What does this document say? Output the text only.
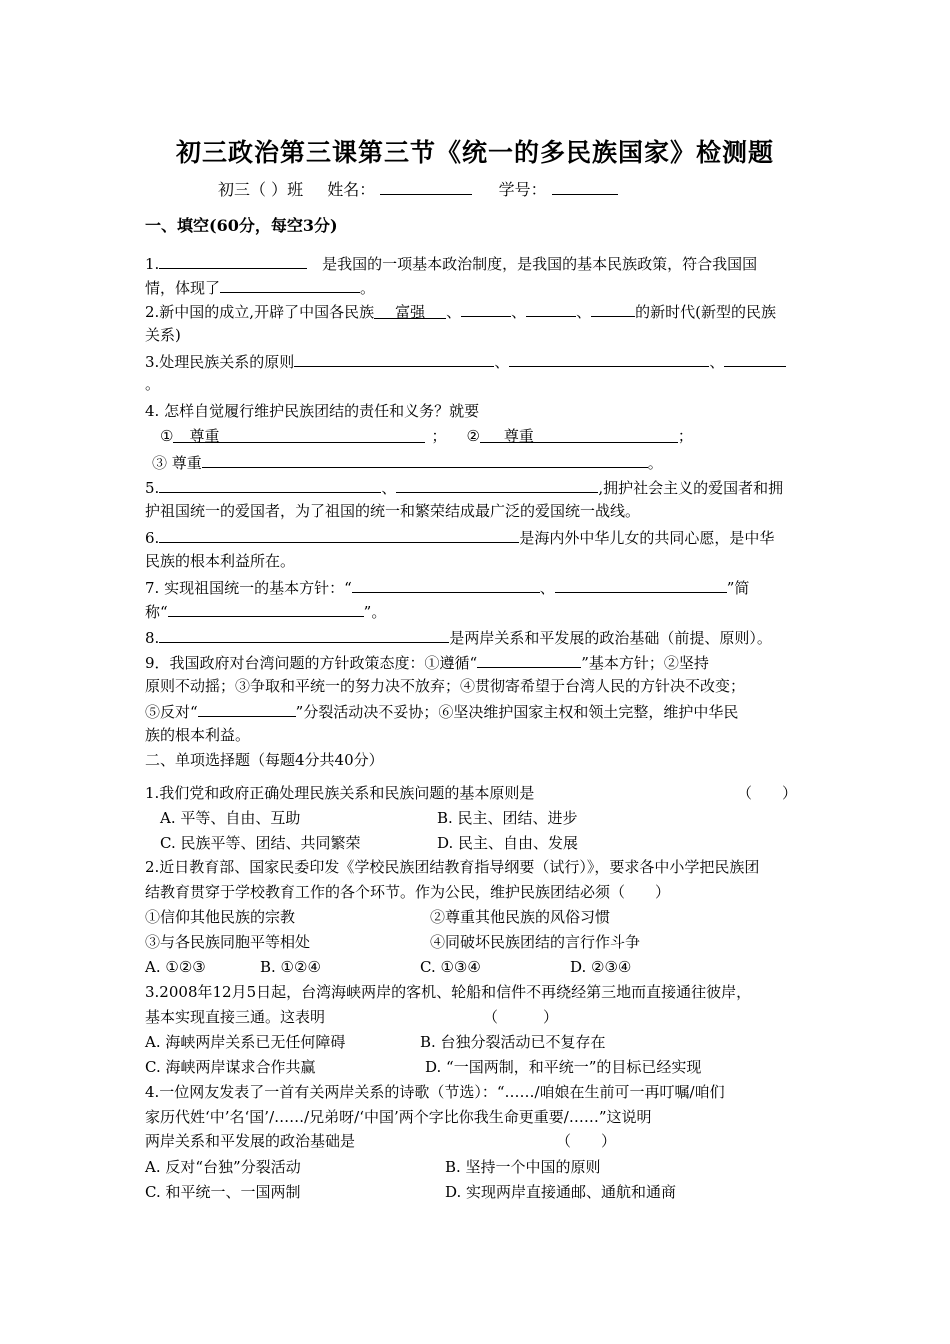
初三政治第三课第三节《统一的多民族国家》检测题
初三（ ）班 姓名：	学号：
一、填空(60分，每空3分)
1.	是我国的一项基本政治制度，是我国的基本民族政策，符合我国国
情，体现了	。
2.新中国的成立,开辟了中国各民族 富强 、	、	、	的新时代(新型的民族
关系)
3.处理民族关系的原则	、	、
。
4. 怎样自觉履行维护民族团结的责任和义务？就要
① 尊重	； ② 尊重	；
③ 尊重	。
5.	、	,拥护社会主义的爱国者和拥
护祖国统一的爱国者，为了祖国的统一和繁荣结成最广泛的爱国统一战线。
6.	是海内外中华儿女的共同心愿，是中华
民族的根本利益所在。
7. 实现祖国统一的基本方针：“	、	”简
称“	”。
8.	是两岸关系和平发展的政治基础（前提、原则）。
9．我国政府对台湾问题的方针政策态度：①遵循“	”基本方针；②坚持
原则不动摇；③争取和平统一的努力决不放弃；④贯彻寄希望于台湾人民的方针决不改变；
⑤反对“	”分裂活动决不妥协；⑥坚决维护国家主权和领土完整，维护中华民
族的根本利益。
二、单项选择题（每题4分共40分）
1.我们党和政府正确处理民族关系和民族问题的基本原则是	（　　）
A. 平等、自由、互助	B. 民主、团结、进步
C. 民族平等、团结、共同繁荣	D. 民主、自由、发展
2.近日教育部、国家民委印发《学校民族团结教育指导纲要（试行）》，要求各中小学把民族团
结教育贯穿于学校教育工作的各个环节。作为公民，维护民族团结必须（　　）
①信仰其他民族的宗教	②尊重其他民族的风俗习惯
③与各民族同胞平等相处	④同破坏民族团结的言行作斗争
A. ①②③	B. ①②④	C. ①③④	D. ②③④
3.2008年12月5日起，台湾海峡两岸的客机、轮船和信件不再绕经第三地而直接通往彼岸，
基本实现直接三通。这表明	（　　　）
A. 海峡两岸关系已无任何障碍	B. 台独分裂活动已不复存在
C. 海峡两岸谋求合作共赢	D. “一国两制，和平统一”的目标已经实现
4.一位网友发表了一首有关两岸关系的诗歌（节选）：“……/咱娘在生前可一再叮嘱/咱们
家历代姓‘中’名‘国’/……/兄弟呀/‘中国’两个字比你我生命更重要/……”这说明
两岸关系和平发展的政治基础是	（　　）
A. 反对“台独”分裂活动	B. 坚持一个中国的原则
C. 和平统一、一国两制	D. 实现两岸直接通邮、通航和通商
